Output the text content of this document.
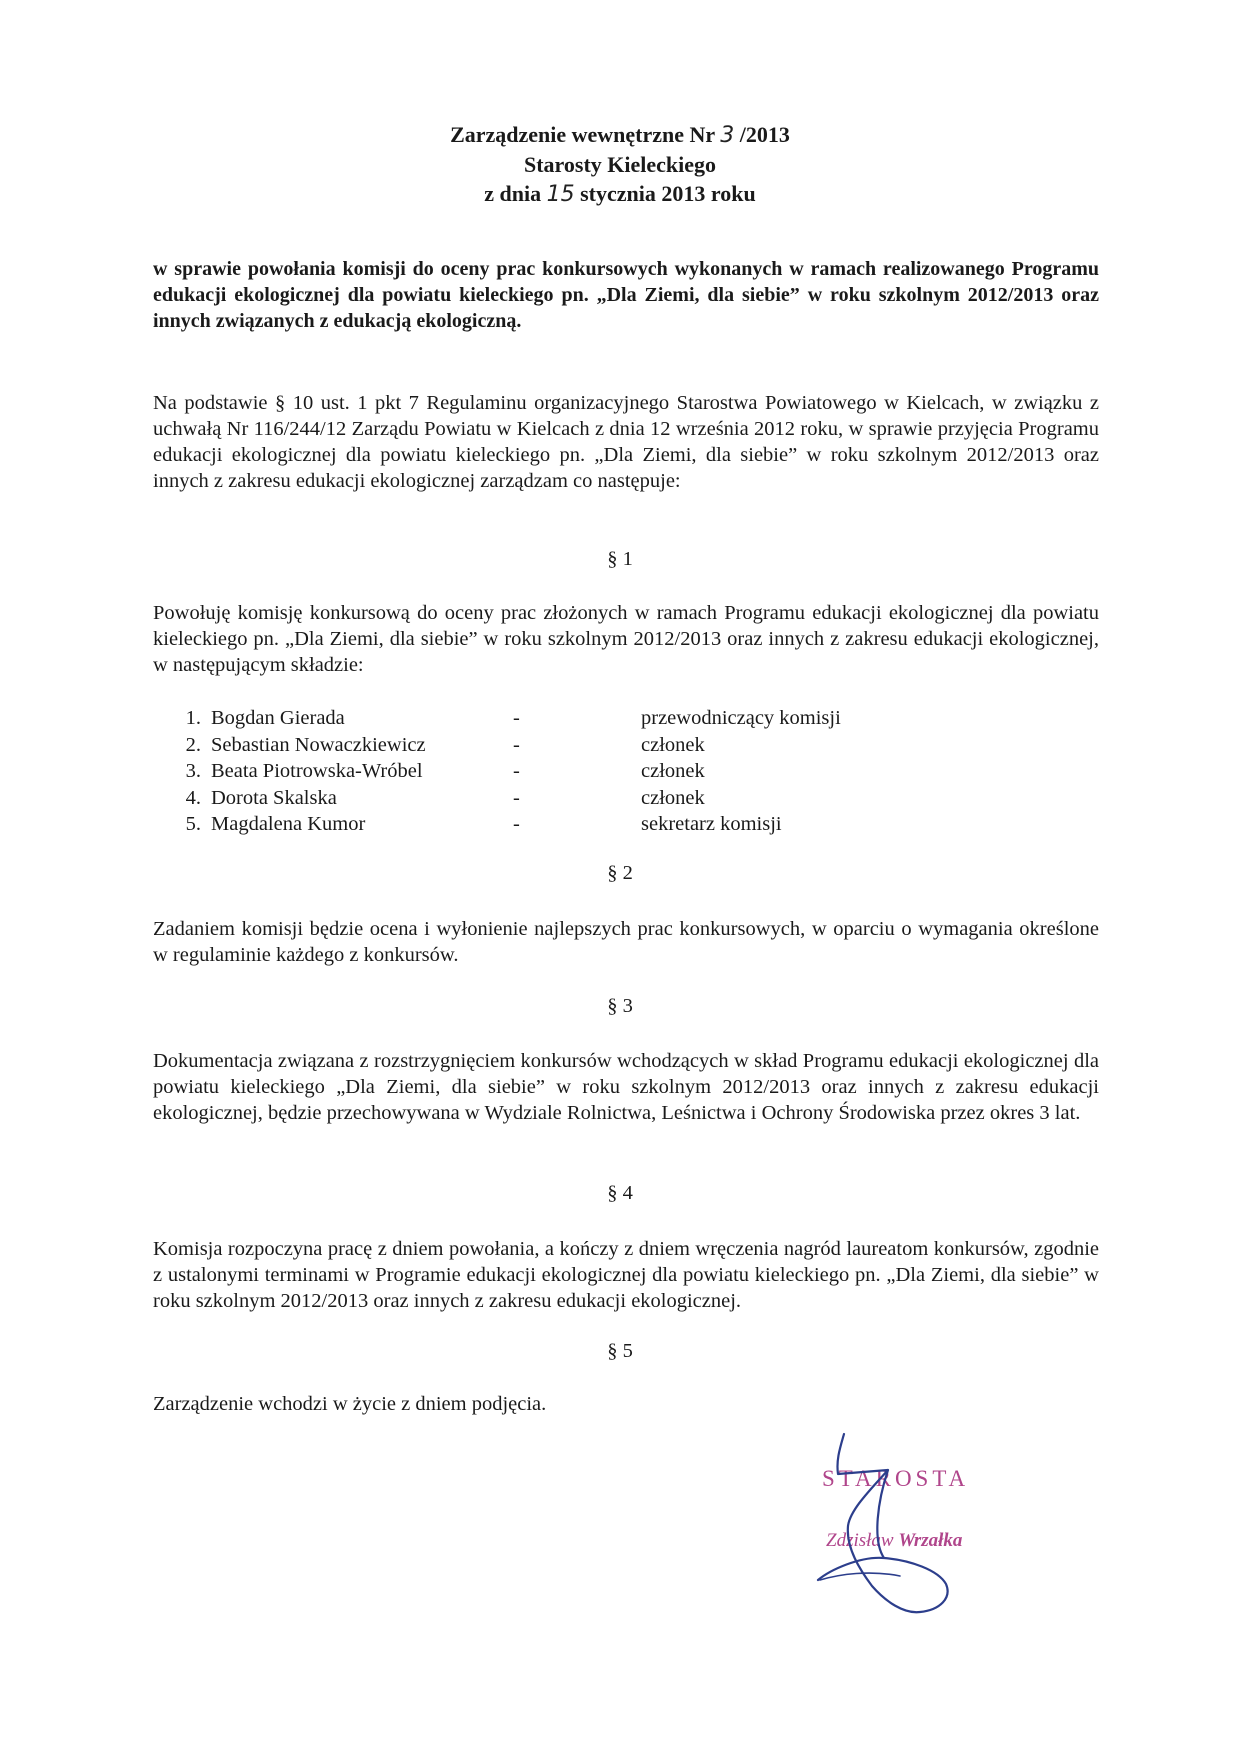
Zarządzenie wewnętrzne Nr 3 /2013
Starosty Kieleckiego
z dnia 15 stycznia 2013 roku

w sprawie powołania komisji do oceny prac konkursowych wykonanych w ramach realizowanego Programu edukacji ekologicznej dla powiatu kieleckiego pn. „Dla Ziemi, dla siebie” w roku szkolnym 2012/2013 oraz innych związanych z edukacją ekologiczną.

Na podstawie § 10 ust. 1 pkt 7 Regulaminu organizacyjnego Starostwa Powiatowego w Kielcach, w związku z uchwałą Nr 116/244/12 Zarządu Powiatu w Kielcach z dnia 12 września 2012 roku, w sprawie przyjęcia Programu edukacji ekologicznej dla powiatu kieleckiego pn. „Dla Ziemi, dla siebie” w roku szkolnym 2012/2013 oraz innych z zakresu edukacji ekologicznej zarządzam co następuje:

§ 1

Powołuję komisję konkursową do oceny prac złożonych w ramach Programu edukacji ekologicznej dla powiatu kieleckiego pn. „Dla Ziemi, dla siebie” w roku szkolnym 2012/2013 oraz innych z zakresu edukacji ekologicznej, w następującym składzie:

1. Bogdan Gierada	-	przewodniczący komisji
2. Sebastian Nowaczkiewicz	-	członek
3. Beata Piotrowska-Wróbel	-	członek
4. Dorota Skalska	-	członek
5. Magdalena Kumor	-	sekretarz komisji
§ 2

Zadaniem komisji będzie ocena i wyłonienie najlepszych prac konkursowych, w oparciu o wymagania określone w regulaminie każdego z konkursów.

§ 3

Dokumentacja związana z rozstrzygnięciem konkursów wchodzących w skład Programu edukacji ekologicznej dla powiatu kieleckiego „Dla Ziemi, dla siebie” w roku szkolnym 2012/2013 oraz innych z zakresu edukacji ekologicznej, będzie przechowywana w Wydziale Rolnictwa, Leśnictwa i Ochrony Środowiska przez okres 3 lat.

§ 4

Komisja rozpoczyna pracę z dniem powołania, a kończy z dniem wręczenia nagród laureatom konkursów, zgodnie z ustalonymi terminami w Programie edukacji ekologicznej dla powiatu kieleckiego pn. „Dla Ziemi, dla siebie” w roku szkolnym 2012/2013 oraz innych z zakresu edukacji ekologicznej.

§ 5

Zarządzenie wchodzi w życie z dniem podjęcia.

STAROSTA
Zdzisław Wrzałka
